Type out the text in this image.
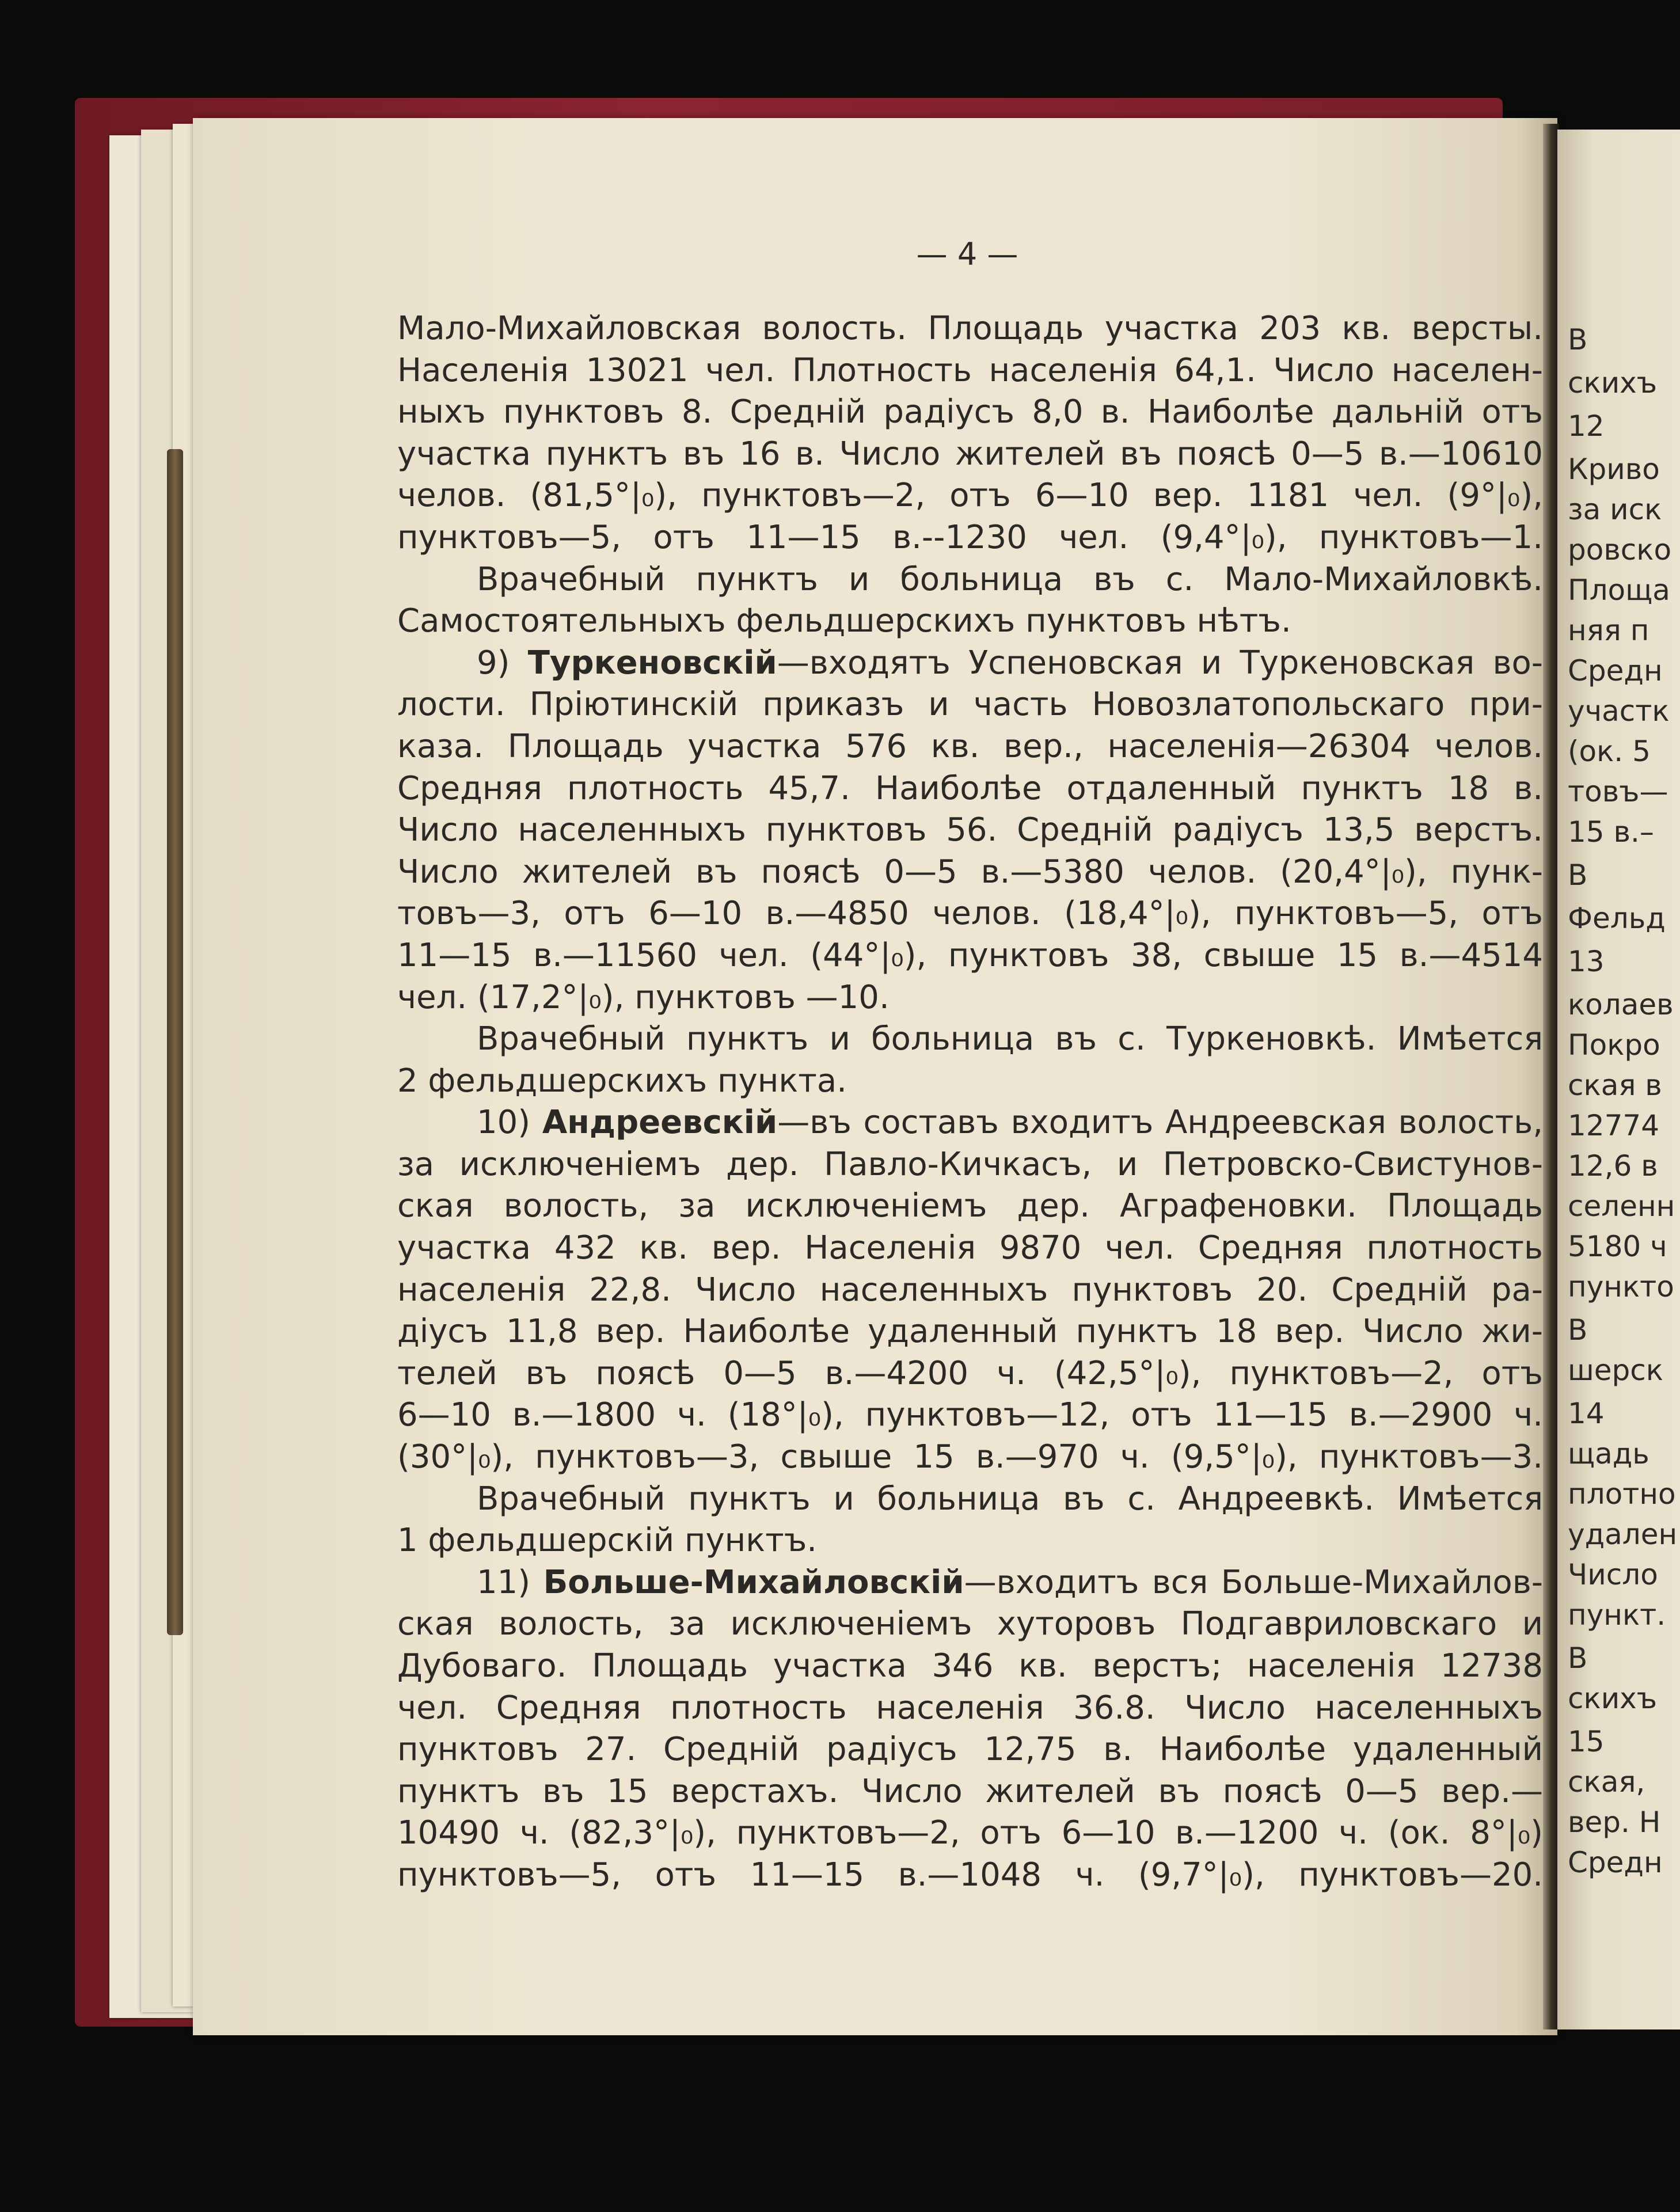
— 4 —
Мало-Михайловская волость. Площадь участка 203 кв. версты.
Населенія 13021 чел. Плотность населенія 64,1. Число населен-
ныхъ пунктовъ 8. Средній радіусъ 8,0 в. Наиболѣе дальній отъ
участка пунктъ въ 16 в. Число жителей въ поясѣ 0—5 в.—10610
челов. (81,5°|₀), пунктовъ—2, отъ 6—10 вер. 1181 чел. (9°|₀),
пунктовъ—5, отъ 11—15 в.--1230 чел. (9,4°|₀), пунктовъ—1.
Врачебный пунктъ и больница въ с. Мало-Михайловкѣ.
Самостоятельныхъ фельдшерскихъ пунктовъ нѣтъ.
9) Туркеновскій—входятъ Успеновская и Туркеновская во-
лости. Пріютинскій приказъ и часть Новозлатопольскаго при-
каза. Площадь участка 576 кв. вер., населенія—26304 челов.
Средняя плотность 45,7. Наиболѣе отдаленный пунктъ 18 в.
Число населенныхъ пунктовъ 56. Средній радіусъ 13,5 верстъ.
Число жителей въ поясѣ 0—5 в.—5380 челов. (20,4°|₀), пунк-
товъ—3, отъ 6—10 в.—4850 челов. (18,4°|₀), пунктовъ—5, отъ
11—15 в.—11560 чел. (44°|₀), пунктовъ 38, свыше 15 в.—4514
чел. (17,2°|₀), пунктовъ —10.
Врачебный пунктъ и больница въ с. Туркеновкѣ. Имѣется
2 фельдшерскихъ пункта.
10) Андреевскій—въ составъ входитъ Андреевская волость,
за исключеніемъ дер. Павло-Кичкасъ, и Петровско-Свистунов-
ская волость, за исключеніемъ дер. Аграфеновки. Площадь
участка 432 кв. вер. Населенія 9870 чел. Средняя плотность
населенія 22,8. Число населенныхъ пунктовъ 20. Средній ра-
діусъ 11,8 вер. Наиболѣе удаленный пунктъ 18 вер. Число жи-
телей въ поясѣ 0—5 в.—4200 ч. (42,5°|₀), пунктовъ—2, отъ
6—10 в.—1800 ч. (18°|₀), пунктовъ—12, отъ 11—15 в.—2900 ч.
(30°|₀), пунктовъ—3, свыше 15 в.—970 ч. (9,5°|₀), пунктовъ—3.
Врачебный пунктъ и больница въ с. Андреевкѣ. Имѣется
1 фельдшерскій пунктъ.
11) Больше-Михайловскій—входитъ вся Больше-Михайлов-
ская волость, за исключеніемъ хуторовъ Подгавриловскаго и
Дубоваго. Площадь участка 346 кв. верстъ; населенія 12738
чел. Средняя плотность населенія 36.8. Число населенныхъ
пунктовъ 27. Средній радіусъ 12,75 в. Наиболѣе удаленный
пунктъ въ 15 верстахъ. Число жителей въ поясѣ 0—5 вер.—
10490 ч. (82,3°|₀), пунктовъ—2, отъ 6—10 в.—1200 ч. (ок. 8°|₀)
пунктовъ—5, отъ 11—15 в.—1048 ч. (9,7°|₀), пунктовъ—20.
В
скихъ
12
Криво
за иск
ровско
Площа
няя п
Средн
участк
(ок. 5
товъ—
15 в.–
В
Фельд
13
колаев
Покро
ская в
12774
12,6 в
селенн
5180 ч
пункто
В
шерск
14
щадь
плотно
удален
Число
пункт.
В
скихъ
15
ская,
вер. Н
Средн
